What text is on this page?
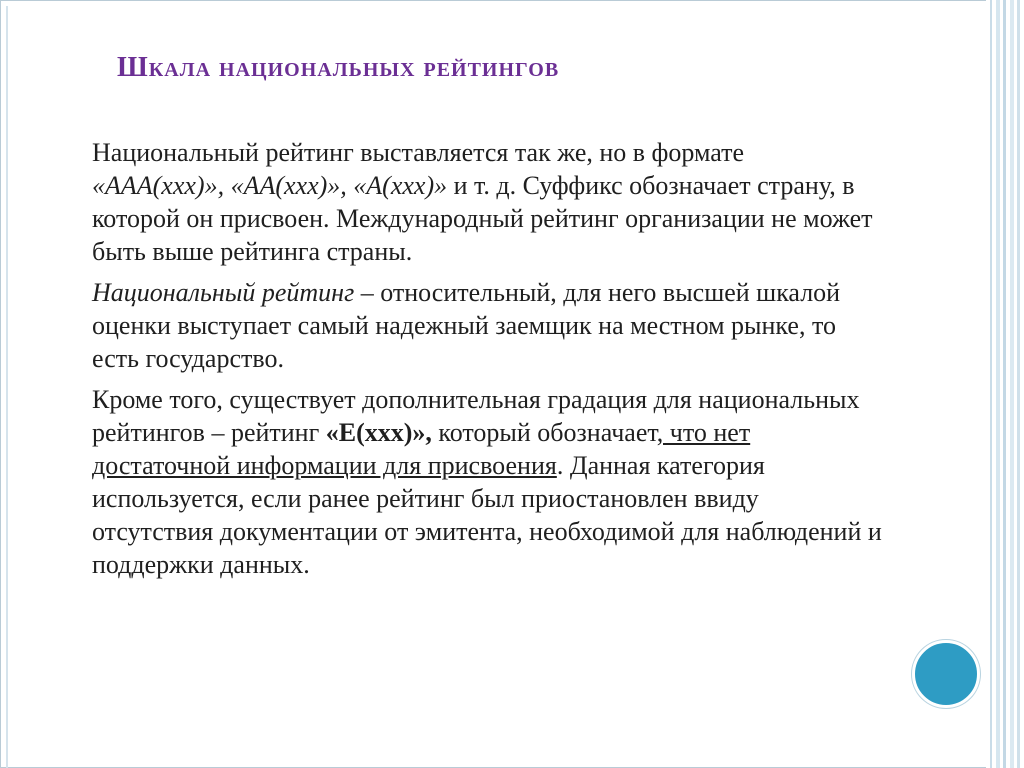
Шкала национальных рейтингов

Национальный рейтинг выставляется так же, но в формате «ААА(xxx)», «AA(xxx)», «A(xxx)» и т. д. Суффикс обозначает страну, в которой он присвоен. Международный рейтинг организации не может быть выше рейтинга страны.

Национальный рейтинг – относительный, для него высшей шкалой оценки выступает самый надежный заемщик на местном рынке, то есть государство.

Кроме того, существует дополнительная градация для национальных рейтингов – рейтинг «Е(xxx)», который обозначает, что нет достаточной информации для присвоения. Данная категория используется, если ранее рейтинг был приостановлен ввиду отсутствия документации от эмитента, необходимой для наблюдений и поддержки данных.
